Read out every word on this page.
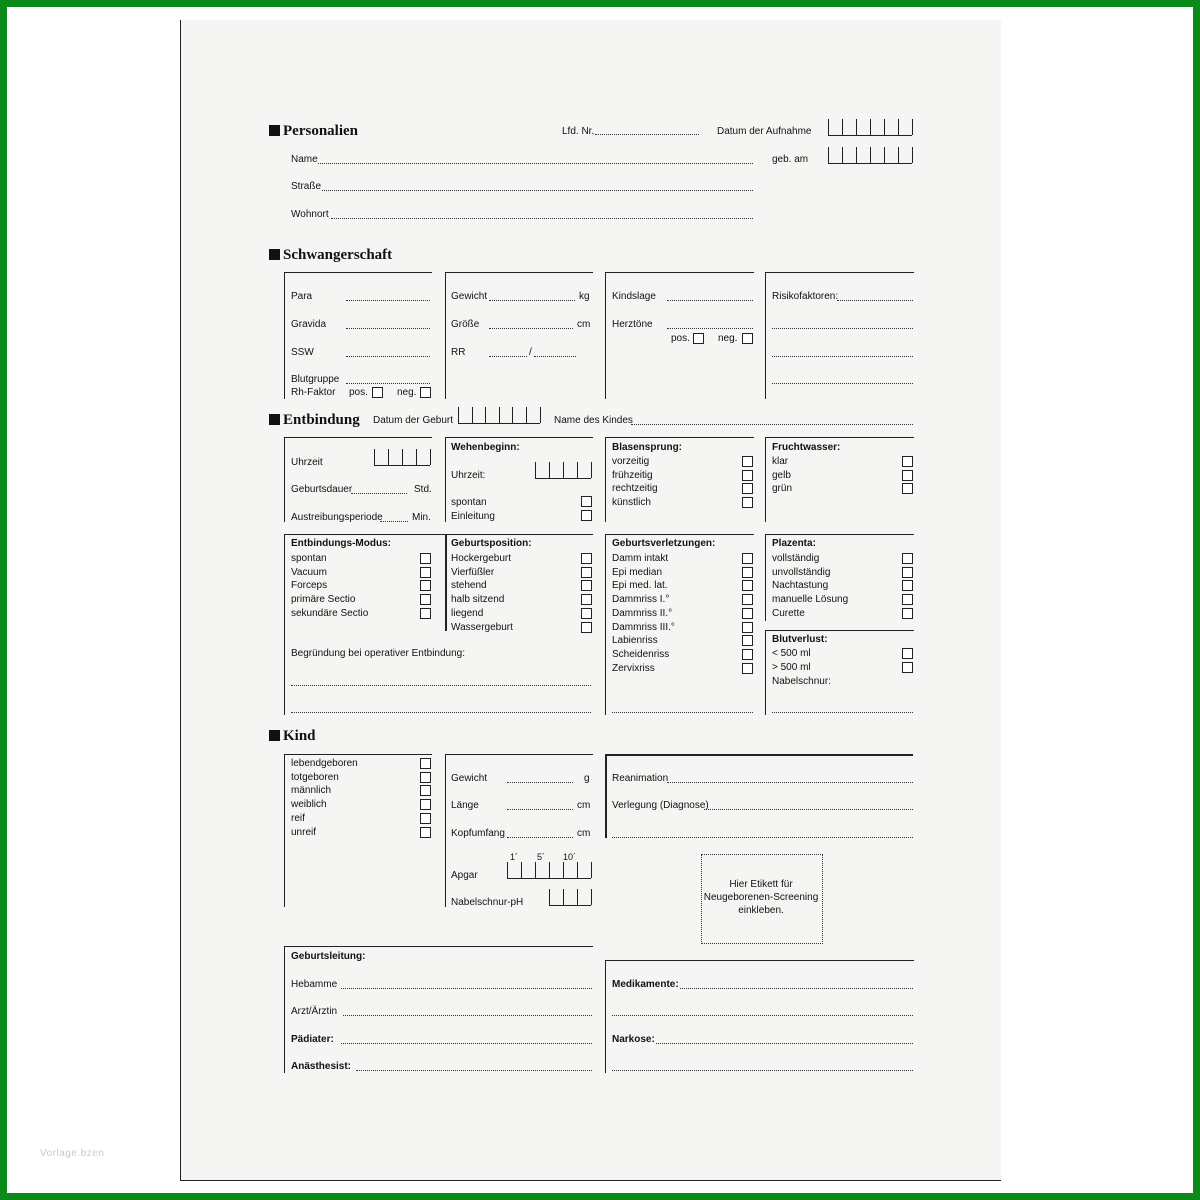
Vorlage.bzen
Personalien	Lfd. Nr.	Datum der Aufnahme
Name	geb. am
Straße
Wohnort
Schwangerschaft
Para
Gravida
SSW
Blutgruppe
Rh-Faktor pos.	neg.
Gewicht	kg
Größe	cm
RR	/
Kindslage
Herztöne
pos.	neg.
Risikofaktoren:
Entbindung Datum der Geburt	Name des Kindes
Uhrzeit
Geburtsdauer	Std.
Austreibungsperiode	Min.
Wehenbeginn:
Uhrzeit:
spontan
Einleitung
Blasensprung:
vorzeitig
frühzeitig
rechtzeitig
künstlich
Fruchtwasser:
klar
gelb
grün
Entbindungs-Modus:
spontan
Vacuum
Forceps
primäre Sectio
sekundäre Sectio
Geburtsposition:
Hockergeburt
Vierfüßler
stehend
halb sitzend
liegend
Wassergeburt
Begründung bei operativer Entbindung:
Geburtsverletzungen:
Damm intakt
Epi median
Epi med. lat.
Dammriss I.°
Dammriss II.°
Dammriss III.°
Labienriss
Scheidenriss
Zervixriss
Plazenta:
vollständig
unvollständig
Nachtastung
manuelle Lösung
Curette
Blutverlust:
< 500 ml
> 500 ml
Nabelschnur:
Kind
lebendgeboren
totgeboren
männlich
weiblich
reif
unreif
Gewicht	g
Länge	cm
Kopfumfang	cm
1´ 5´ 10´
Apgar
Nabelschnur-pH
Reanimation
Verlegung (Diagnose)
Hier Etikett für Neugeborenen-Screening einkleben.
Geburtsleitung:
Hebamme
Arzt/Ärztin
Pädiater:
Anästhesist:
Medikamente:
Narkose:
